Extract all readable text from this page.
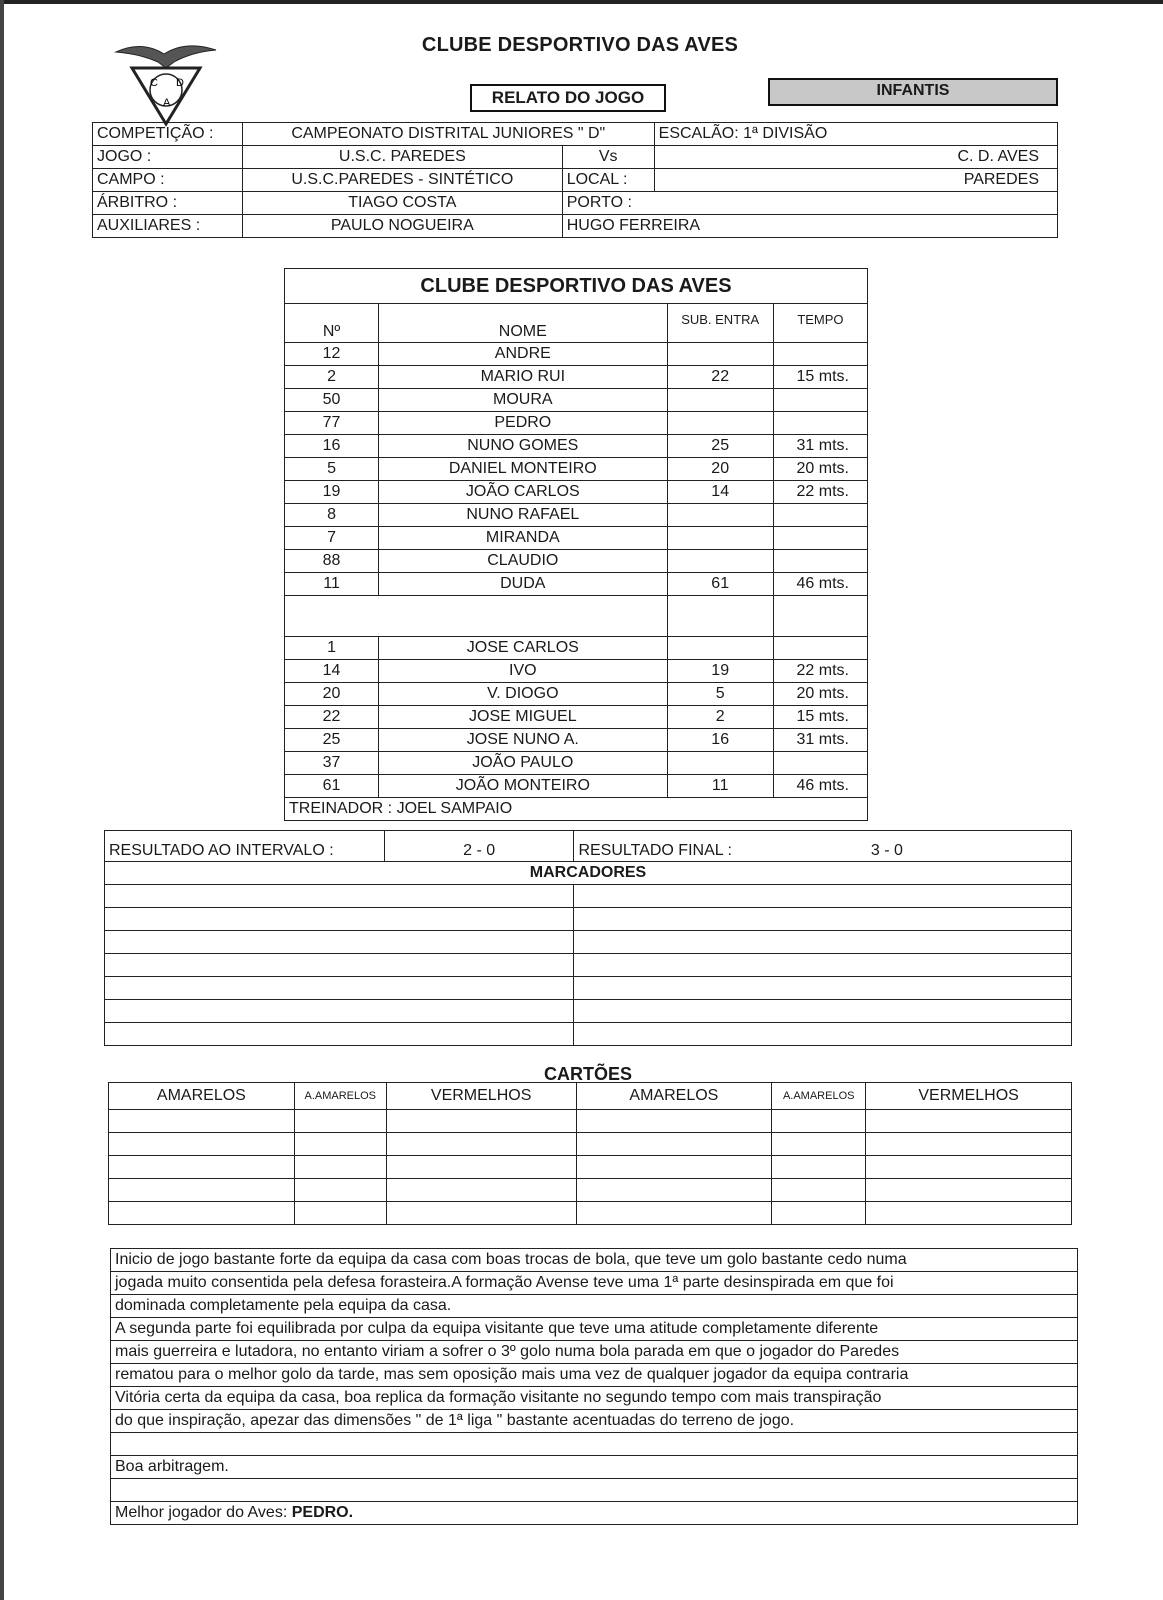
C D
A
CLUBE DESPORTIVO DAS AVES
RELATO DO JOGO	INFANTIS
COMPETIÇÃO :	CAMPEONATO DISTRITAL JUNIORES " D"		ESCALÃO: 1ª DIVISÃO
JOGO :	U.S.C. PAREDES	Vs	C. D. AVES
CAMPO :	U.S.C.PAREDES - SINTÉTICO	LOCAL :	PAREDES
ÁRBITRO :	TIAGO COSTA	PORTO :	
AUXILIARES :	PAULO NOGUEIRA	HUGO FERREIRA	
CLUBE DESPORTIVO DAS AVES			
Nº	NOME	SUB. ENTRA	TEMPO
12	ANDRE		
2	MARIO RUI	22	15 mts.
50	MOURA		
77	PEDRO		
16	NUNO GOMES	25	31 mts.
5	DANIEL MONTEIRO	20	20 mts.
19	JOÃO CARLOS	14	22 mts.
8	NUNO RAFAEL		
7	MIRANDA		
88	CLAUDIO		
11	DUDA	61	46 mts.

1	JOSE CARLOS		
14	IVO	19	22 mts.
20	V. DIOGO	5	20 mts.
22	JOSE MIGUEL	2	15 mts.
25	JOSE NUNO A.	16	31 mts.
37	JOÃO PAULO		
61	JOÃO MONTEIRO	11	46 mts.
TREINADOR : JOEL SAMPAIO			
RESULTADO AO INTERVALO :	2 - 0	RESULTADO FINAL : 3 - 0
MARCADORES		

CARTÕES
AMARELOS	A.AMARELOS	VERMELHOS	AMARELOS	A.AMARELOS	VERMELHOS

Inicio de jogo bastante forte da equipa da casa com boas trocas de bola, que teve um golo bastante cedo numa
jogada muito consentida pela defesa forasteira.A formação Avense teve uma 1ª parte desinspirada em que foi
dominada completamente pela equipa da casa.
A segunda parte foi equilibrada por culpa da equipa visitante que teve uma atitude completamente diferente
mais guerreira e lutadora, no entanto viriam a sofrer o 3º golo numa bola parada em que o jogador do Paredes
rematou para o melhor golo da tarde, mas sem oposição mais uma vez de qualquer jogador da equipa contraria
Vitória certa da equipa da casa, boa replica da formação visitante no segundo tempo com mais transpiração
do que inspiração, apezar das dimensões " de 1ª liga " bastante acentuadas do terreno de jogo.

Boa arbitragem.

Melhor jogador do Aves: PEDRO.
